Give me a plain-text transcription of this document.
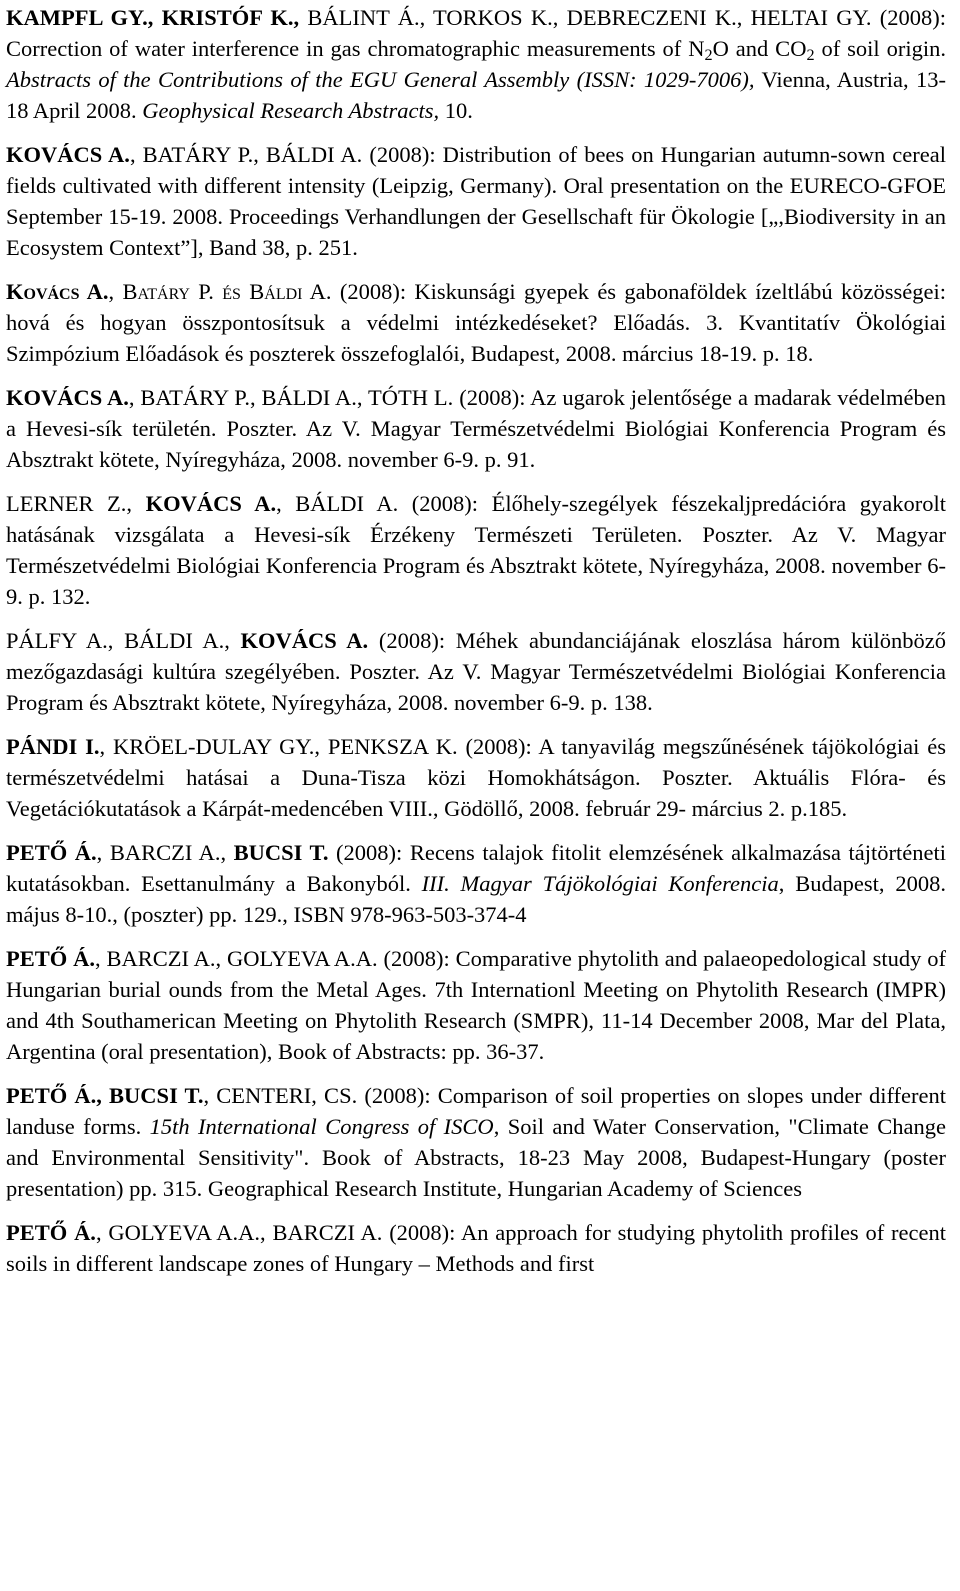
KAMPFL GY., KRISTÓF K., BÁLINT Á., TORKOS K., DEBRECZENI K., HELTAI GY. (2008): Correction of water interference in gas chromatographic measurements of $N_2O$ and $CO_2$ of soil origin. Abstracts of the Contributions of the EGU General Assembly (ISSN: 1029-7006), Vienna, Austria, 13-18 April 2008. Geophysical Research Abstracts, 10.

KOVÁCS A., BATÁRY P., BÁLDI A. (2008): Distribution of bees on Hungarian autumn-sown cereal fields cultivated with different intensity (Leipzig, Germany). Oral presentation on the EURECO-GFOE September 15-19. 2008. Proceedings Verhandlungen der Gesellschaft für Ökologie [„,Biodiversity in an Ecosystem Context”], Band 38, p. 251.

Kovács A., Batáry P. és Báldi A. (2008): Kiskunsági gyepek és gabonaföldek ízeltlábú közösségei: hová és hogyan összpontosítsuk a védelmi intézkedéseket? Előadás. 3. Kvantitatív Ökológiai Szimpózium Előadások és poszterek összefoglalói, Budapest, 2008. március 18-19. p. 18.

KOVÁCS A., BATÁRY P., BÁLDI A., TÓTH L. (2008): Az ugarok jelentősége a madarak védelmében a Hevesi-sík területén. Poszter. Az V. Magyar Természetvédelmi Biológiai Konferencia Program és Absztrakt kötete, Nyíregyháza, 2008. november 6-9. p. 91.

LERNER Z., KOVÁCS A., BÁLDI A. (2008): Élőhely-szegélyek fészekaljpredációra gyakorolt hatásának vizsgálata a Hevesi-sík Érzékeny Természeti Területen. Poszter. Az V. Magyar Természetvédelmi Biológiai Konferencia Program és Absztrakt kötete, Nyíregyháza, 2008. november 6-9. p. 132.

PÁLFY A., BÁLDI A., KOVÁCS A. (2008): Méhek abundanciájának eloszlása három különböző mezőgazdasági kultúra szegélyében. Poszter. Az V. Magyar Természetvédelmi Biológiai Konferencia Program és Absztrakt kötete, Nyíregyháza, 2008. november 6-9. p. 138.

PÁNDI I., KRÖEL-DULAY GY., PENKSZA K. (2008): A tanyavilág megszűnésének tájökológiai és természetvédelmi hatásai a Duna-Tisza közi Homokhátságon. Poszter. Aktuális Flóra- és Vegetációkutatások a Kárpát-medencében VIII., Gödöllő, 2008. február 29- március 2. p.185.

PETŐ Á., BARCZI A., BUCSI T. (2008): Recens talajok fitolit elemzésének alkalmazása tájtörténeti kutatásokban. Esettanulmány a Bakonyból. III. Magyar Tájökológiai Konferencia, Budapest, 2008. május 8-10., (poszter) pp. 129., ISBN 978-963-503-374-4

PETŐ Á., BARCZI A., GOLYEVA A.A. (2008): Comparative phytolith and palaeopedological study of Hungarian burial ounds from the Metal Ages. 7th Internationl Meeting on Phytolith Research (IMPR) and 4th Southamerican Meeting on Phytolith Research (SMPR), 11-14 December 2008, Mar del Plata, Argentina (oral presentation), Book of Abstracts: pp. 36-37.

PETŐ Á., BUCSI T., CENTERI, CS. (2008): Comparison of soil properties on slopes under different landuse forms. 15th International Congress of ISCO, Soil and Water Conservation, "Climate Change and Environmental Sensitivity". Book of Abstracts, 18-23 May 2008, Budapest-Hungary (poster presentation) pp. 315. Geographical Research Institute, Hungarian Academy of Sciences

PETŐ Á., GOLYEVA A.A., BARCZI A. (2008): An approach for studying phytolith profiles of recent soils in different landscape zones of Hungary – Methods and first
